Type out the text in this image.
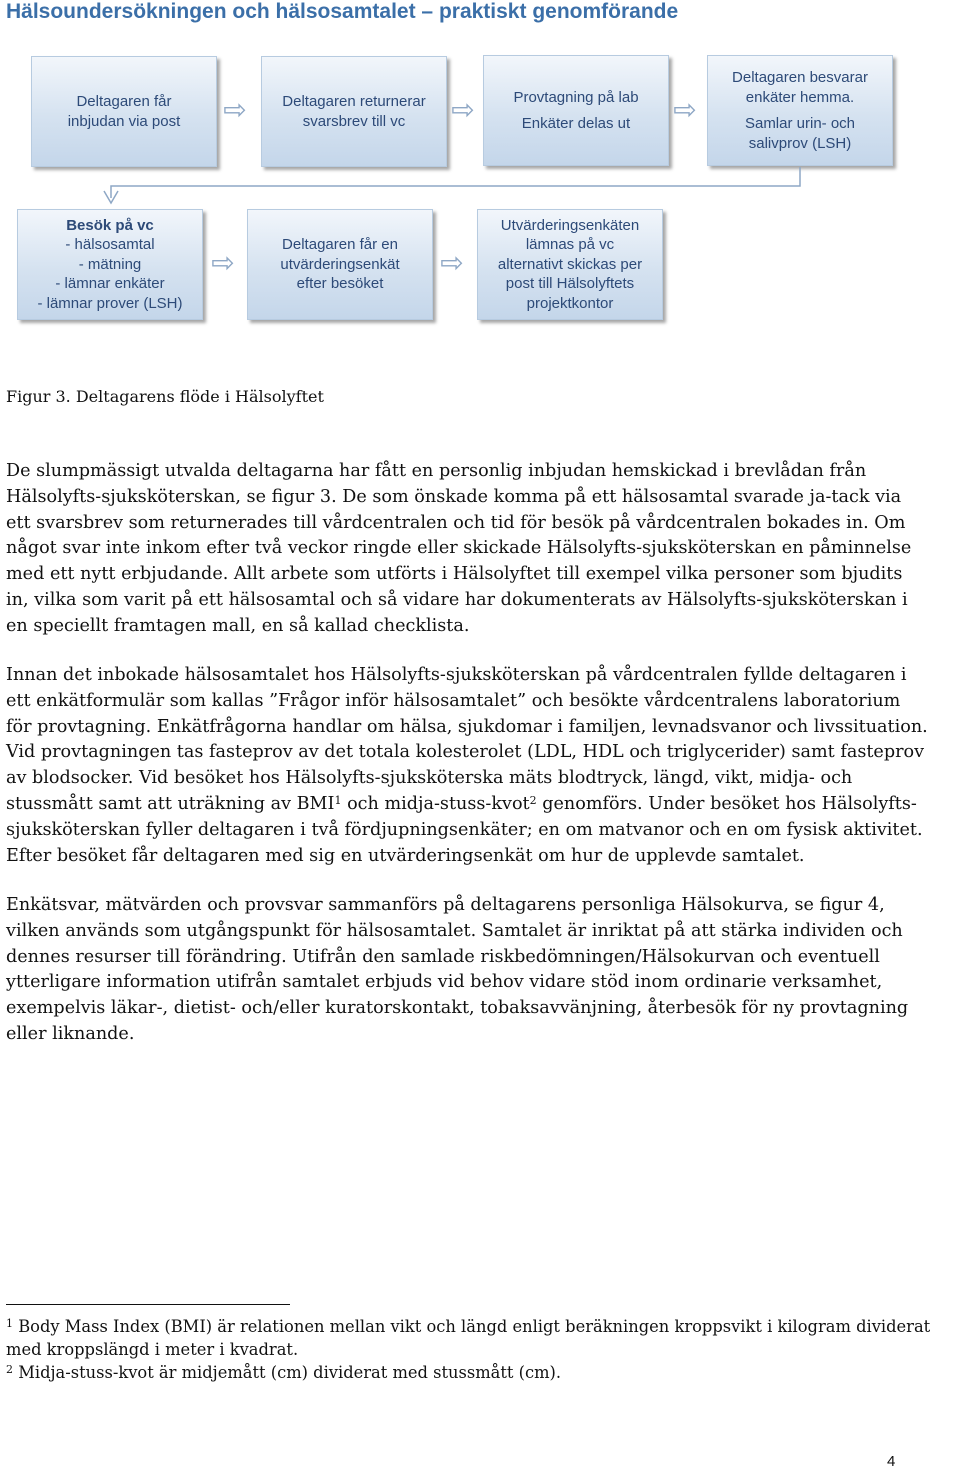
Hälsoundersökningen och hälsosamtalet – praktiskt genomförande
Deltagaren får
inbjudan via post ⇨	Deltagaren returnerar
svarsbrev till vc ⇨	Provtagning på lab
Enkäter delas ut ⇨
Deltagaren besvarar
enkäter hemma.
Samlar urin- och
salivprov (LSH)
Besök på vc
- hälsosamtal
- mätning
- lämnar enkäter
- lämnar prover (LSH)
⇨
Deltagaren får en
utvärderingsenkät
efter besöket
⇨
Utvärderingsenkäten
lämnas på vc
alternativt skickas per
post till Hälsolyftets
projektkontor
Figur 3. Deltagarens flöde i Hälsolyftet

De slumpmässigt utvalda deltagarna har fått en personlig inbjudan hemskickad i brevlådan från
Hälsolyfts-sjuksköterskan, se figur 3. De som önskade komma på ett hälsosamtal svarade ja-tack via
ett svarsbrev som returnerades till vårdcentralen och tid för besök på vårdcentralen bokades in. Om
något svar inte inkom efter två veckor ringde eller skickade Hälsolyfts-sjuksköterskan en påminnelse
med ett nytt erbjudande. Allt arbete som utförts i Hälsolyftet till exempel vilka personer som bjudits
in, vilka som varit på ett hälsosamtal och så vidare har dokumenterats av Hälsolyfts-sjuksköterskan i
en speciellt framtagen mall, en så kallad checklista.

Innan det inbokade hälsosamtalet hos Hälsolyfts-sjuksköterskan på vårdcentralen fyllde deltagaren i
ett enkätformulär som kallas ”Frågor inför hälsosamtalet” och besökte vårdcentralens laboratorium
för provtagning. Enkätfrågorna handlar om hälsa, sjukdomar i familjen, levnadsvanor och livssituation.
Vid provtagningen tas fasteprov av det totala kolesterolet (LDL, HDL och triglycerider) samt fasteprov
av blodsocker. Vid besöket hos Hälsolyfts-sjuksköterska mäts blodtryck, längd, vikt, midja- och
stussmått samt att uträkning av BMI$^1$ och midja-stuss-kvot$^2$ genomförs. Under besöket hos Hälsolyfts-
sjuksköterskan fyller deltagaren i två fördjupningsenkäter; en om matvanor och en om fysisk aktivitet.
Efter besöket får deltagaren med sig en utvärderingsenkät om hur de upplevde samtalet.

Enkätsvar, mätvärden och provsvar sammanförs på deltagarens personliga Hälsokurva, se figur 4,
vilken används som utgångspunkt för hälsosamtalet. Samtalet är inriktat på att stärka individen och
dennes resurser till förändring. Utifrån den samlade riskbedömningen/Hälsokurvan och eventuell
ytterligare information utifrån samtalet erbjuds vid behov vidare stöd inom ordinarie verksamhet,
exempelvis läkar-, dietist- och/eller kuratorskontakt, tobaksavvänjning, återbesök för ny provtagning
eller liknande.

$^1$ Body Mass Index (BMI) är relationen mellan vikt och längd enligt beräkningen kroppsvikt i kilogram dividerat
med kroppslängd i meter i kvadrat.

$^2$ Midja-stuss-kvot är midjemått (cm) dividerat med stussmått (cm).

4
